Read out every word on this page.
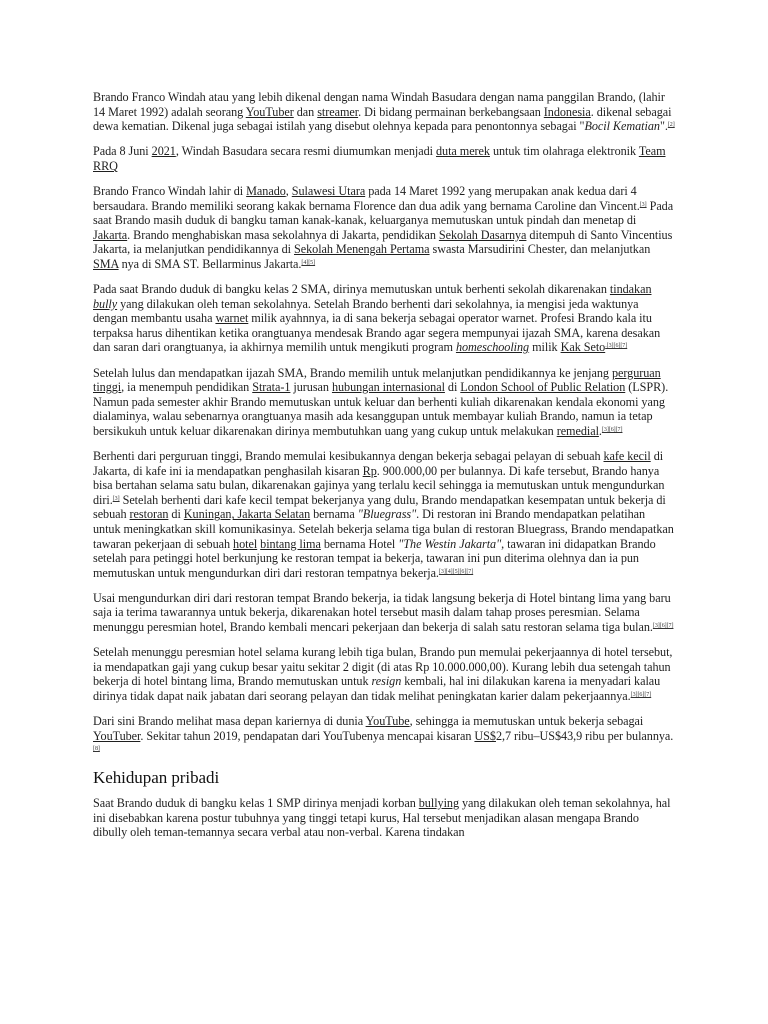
Brando Franco Windah atau yang lebih dikenal dengan nama Windah Basudara dengan nama panggilan Brando, (lahir 14 Maret 1992) adalah seorang YouTuber dan streamer. Di bidang permainan berkebangsaan Indonesia. dikenal sebagai dewa kematian. Dikenal juga sebagai istilah yang disebut olehnya kepada para penontonnya sebagai "Bocil Kematian".[2]

Pada 8 Juni 2021, Windah Basudara secara resmi diumumkan menjadi duta merek untuk tim olahraga elektronik Team RRQ

Brando Franco Windah lahir di Manado, Sulawesi Utara pada 14 Maret 1992 yang merupakan anak kedua dari 4 bersaudara. Brando memiliki seorang kakak bernama Florence dan dua adik yang bernama Caroline dan Vincent.[3] Pada saat Brando masih duduk di bangku taman kanak-kanak, keluarganya memutuskan untuk pindah dan menetap di Jakarta. Brando menghabiskan masa sekolahnya di Jakarta, pendidikan Sekolah Dasarnya ditempuh di Santo Vincentius Jakarta, ia melanjutkan pendidikannya di Sekolah Menengah Pertama swasta Marsudirini Chester, dan melanjutkan SMA nya di SMA ST. Bellarminus Jakarta.[4][5]

Pada saat Brando duduk di bangku kelas 2 SMA, dirinya memutuskan untuk berhenti sekolah dikarenakan tindakan bully yang dilakukan oleh teman sekolahnya. Setelah Brando berhenti dari sekolahnya, ia mengisi jeda waktunya dengan membantu usaha warnet milik ayahnnya, ia di sana bekerja sebagai operator warnet. Profesi Brando kala itu terpaksa harus dihentikan ketika orangtuanya mendesak Brando agar segera mempunyai ijazah SMA, karena desakan dan saran dari orangtuanya, ia akhirnya memilih untuk mengikuti program homeschooling milik Kak Seto$^{.[3][6][7]}$

Setelah lulus dan mendapatkan ijazah SMA, Brando memilih untuk melanjutkan pendidikannya ke jenjang perguruan tinggi, ia menempuh pendidikan Strata-1 jurusan hubungan internasional di London School of Public Relation (LSPR). Namun pada semester akhir Brando memutuskan untuk keluar dan berhenti kuliah dikarenakan kendala ekonomi yang dialaminya, walau sebenarnya orangtuanya masih ada kesanggupan untuk membayar kuliah Brando, namun ia tetap bersikukuh untuk keluar dikarenakan dirinya membutuhkan uang yang cukup untuk melakukan remedial.[3][6][7]

Berhenti dari perguruan tinggi, Brando memulai kesibukannya dengan bekerja sebagai pelayan di sebuah kafe kecil di Jakarta, di kafe ini ia mendapatkan penghasilah kisaran Rp. 900.000,00 per bulannya. Di kafe tersebut, Brando hanya bisa bertahan selama satu bulan, dikarenakan gajinya yang terlalu kecil sehingga ia memutuskan untuk mengundurkan diri.[3] Setelah berhenti dari kafe kecil tempat bekerjanya yang dulu, Brando mendapatkan kesempatan untuk bekerja di sebuah restoran di Kuningan, Jakarta Selatan bernama "Bluegrass". Di restoran ini Brando mendapatkan pelatihan untuk meningkatkan skill komunikasinya. Setelah bekerja selama tiga bulan di restoran Bluegrass, Brando mendapatkan tawaran pekerjaan di sebuah hotel bintang lima bernama Hotel "The Westin Jakarta", tawaran ini didapatkan Brando setelah para petinggi hotel berkunjung ke restoran tempat ia bekerja, tawaran ini pun diterima olehnya dan ia pun memutuskan untuk mengundurkan diri dari restoran tempatnya bekerja.[3][4][5][6][7]

Usai mengundurkan diri dari restoran tempat Brando bekerja, ia tidak langsung bekerja di Hotel bintang lima yang baru saja ia terima tawarannya untuk bekerja, dikarenakan hotel tersebut masih dalam tahap proses peresmian. Selama menunggu peresmian hotel, Brando kembali mencari pekerjaan dan bekerja di salah satu restoran selama tiga bulan.[3][6][7]

Setelah menunggu peresmian hotel selama kurang lebih tiga bulan, Brando pun memulai pekerjaannya di hotel tersebut, ia mendapatkan gaji yang cukup besar yaitu sekitar 2 digit (di atas Rp 10.000.000,00). Kurang lebih dua setengah tahun bekerja di hotel bintang lima, Brando memutuskan untuk resign kembali, hal ini dilakukan karena ia menyadari kalau dirinya tidak dapat naik jabatan dari seorang pelayan dan tidak melihat peningkatan karier dalam pekerjaannya.[3][6][7]

Dari sini Brando melihat masa depan kariernya di dunia YouTube, sehingga ia memutuskan untuk bekerja sebagai YouTuber. Sekitar tahun 2019, pendapatan dari YouTubenya mencapai kisaran US$2,7 ribu–US$43,9 ribu per bulannya.[8]

Kehidupan pribadi

Saat Brando duduk di bangku kelas 1 SMP dirinya menjadi korban bullying yang dilakukan oleh teman sekolahnya, hal ini disebabkan karena postur tubuhnya yang tinggi tetapi kurus, Hal tersebut menjadikan alasan mengapa Brando dibully oleh teman-temannya secara verbal atau non-verbal. Karena tindakan
